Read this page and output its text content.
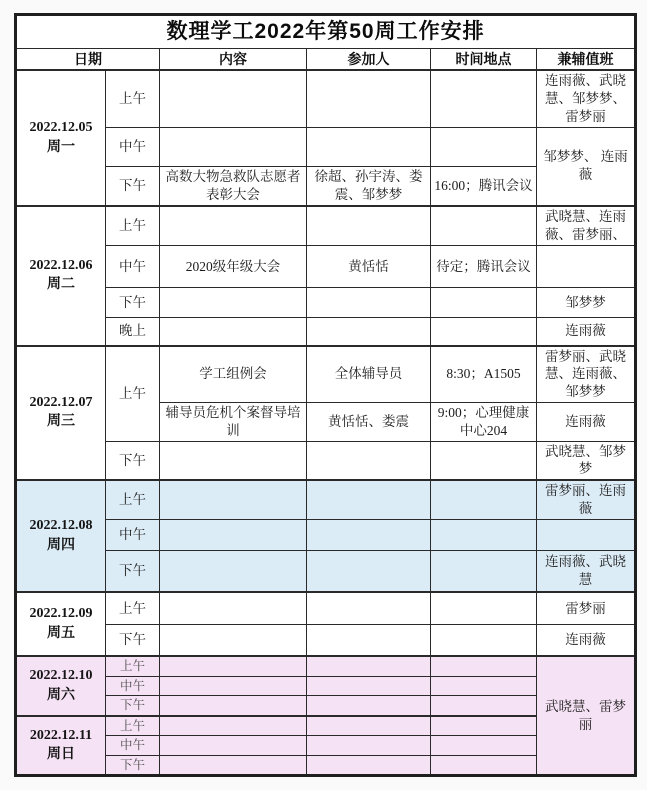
数理学工2022年第50周工作安排					
日期		内容	参加人	时间地点	兼辅值班

2022.12.05
周一	上午				连雨薇、武晓慧、邹梦梦、雷梦丽
	中午				邹梦梦、 连雨薇
	下午	高数大物急救队志愿者表彰大会	徐超、孙宇涛、娄震、邹梦梦	16:00；腾讯会议	

2022.12.06
周二	上午				武晓慧、连雨薇、雷梦丽、
	中午	2020级年级大会	黄恬恬	待定；腾讯会议	
	下午				邹梦梦
	晚上				连雨薇

2022.12.07
周三	上午	学工组例会	全体辅导员	8:30；A1505	雷梦丽、武晓慧、连雨薇、邹梦梦
		辅导员危机个案督导培训	黄恬恬、娄震	9:00；心理健康中心204	连雨薇
	下午				武晓慧、邹梦梦

2022.12.08
周四	上午				雷梦丽、连雨薇
	中午				
	下午				连雨薇、武晓慧

2022.12.09
周五	上午				雷梦丽
	下午				连雨薇

2022.12.10
周六	上午				武晓慧、雷梦丽
	中午				
	下午				

2022.12.11
周日	上午				
	中午				
	下午				
